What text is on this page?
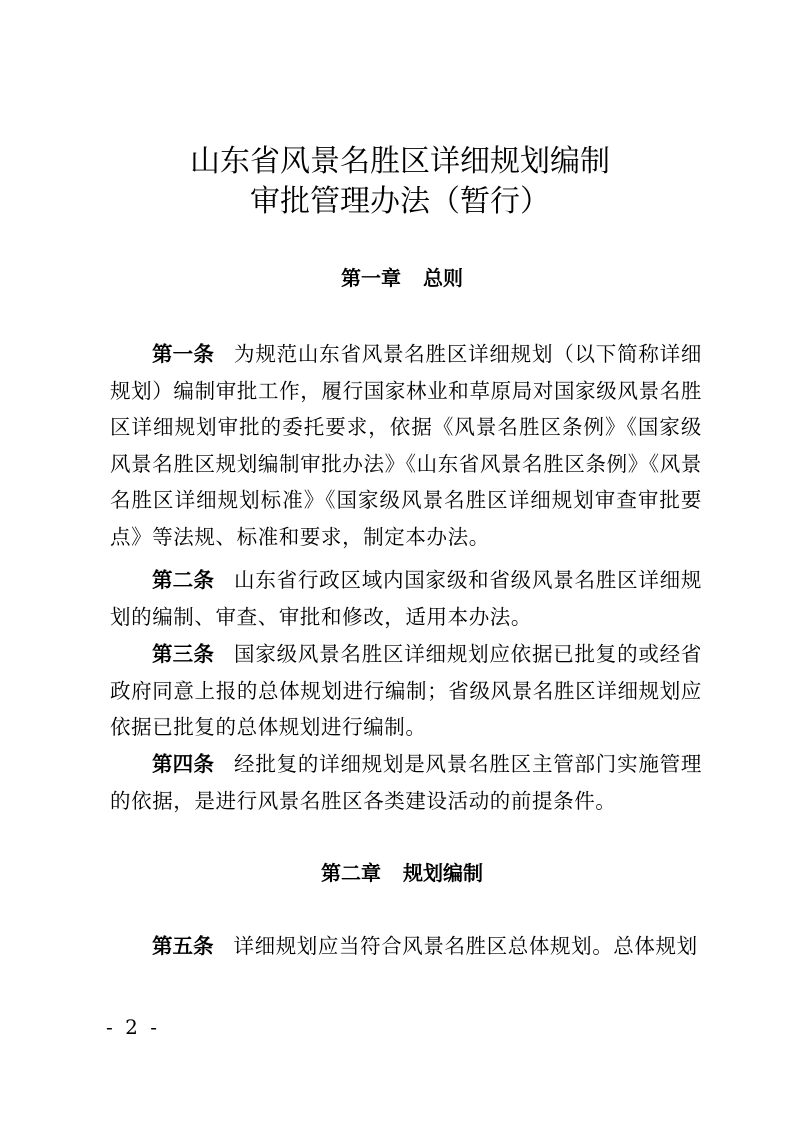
山东省风景名胜区详细规划编制
审批管理办法（暂行）
第一章 总则

第一条 为规范山东省风景名胜区详细规划（以下简称详细规划）编制审批工作，履行国家林业和草原局对国家级风景名胜区详细规划审批的委托要求，依据《风景名胜区条例》《国家级风景名胜区规划编制审批办法》《山东省风景名胜区条例》《风景名胜区详细规划标准》《国家级风景名胜区详细规划审查审批要点》等法规、标准和要求，制定本办法。

第二条 山东省行政区域内国家级和省级风景名胜区详细规划的编制、审查、审批和修改，适用本办法。

第三条 国家级风景名胜区详细规划应依据已批复的或经省政府同意上报的总体规划进行编制；省级风景名胜区详细规划应依据已批复的总体规划进行编制。

第四条 经批复的详细规划是风景名胜区主管部门实施管理的依据，是进行风景名胜区各类建设活动的前提条件。

第二章 规划编制

第五条 详细规划应当符合风景名胜区总体规划。总体规划

- 2 -
